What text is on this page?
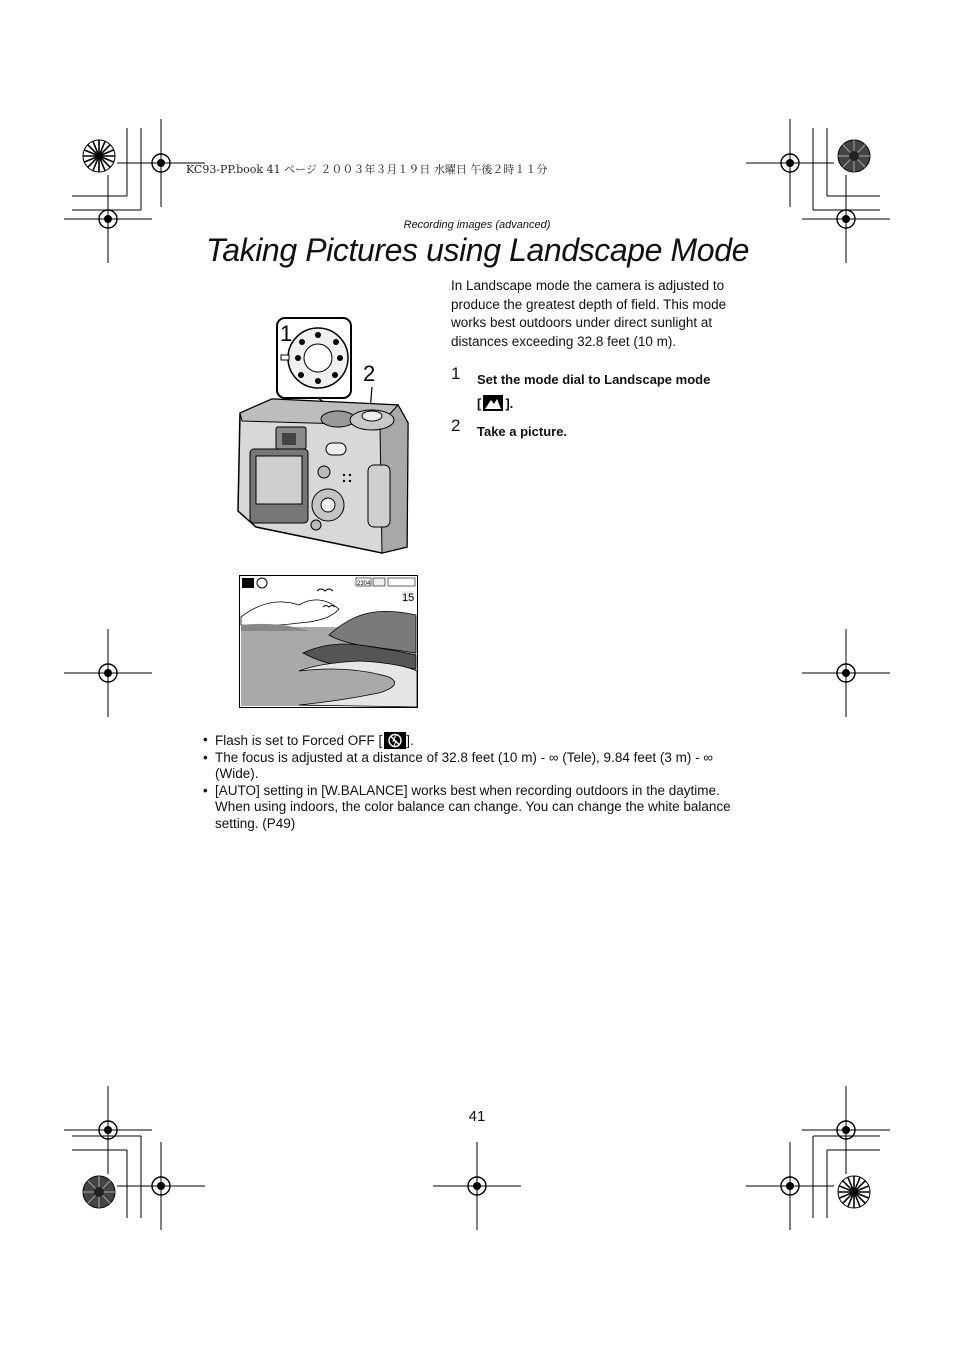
KC93-PP.book 41 ページ ２００３年３月１９日 水曜日 午後２時１１分
Recording images (advanced)
Taking Pictures using Landscape Mode
1
2
2304
15
In Landscape mode the camera is adjusted to produce the greatest depth of field. This mode works best outdoors under direct sunlight at distances exceeding 32.8 feet (10 m).
1 Set the mode dial to Landscape mode
[ ].
2 Take a picture.
• Flash is set to Forced OFF [ ].
• The focus is adjusted at a distance of 32.8 feet (10 m) - ∞ (Tele), 9.84 feet (3 m) - ∞ (Wide).
• [AUTO] setting in [W.BALANCE] works best when recording outdoors in the daytime. When using indoors, the color balance can change. You can change the white balance setting. (P49)
41
